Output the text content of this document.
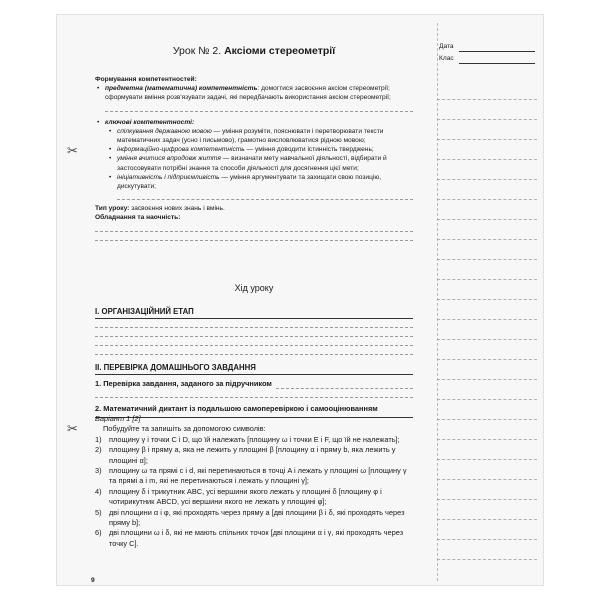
✂
✂
Дата
Клас
Урок № 2. Аксіоми стереометрії
Формування компетентностей:
• предметна (математична) компетентність: домогтися засвоєння аксіом стереометрії; сформувати вміння розв'язувати задачі, які передбачають використання аксіом стереометрії;
• ключові компетентності:
• спілкування державною мовою — уміння розуміти, пояснювати і перетворювати тексти математичних задач (усно і письмово), грамотно висловлюватися рідною мовою;
• інформаційно-цифрова компетентність — уміння доводити істинність тверджень;
• уміння вчитися впродовж життя — визначати мету навчальної діяльності, відбирати й застосовувати потрібні знання та способи діяльності для досягнення цієї мети;
• ініціативність і підприємливість — уміння аргументувати та захищати свою позицію, дискутувати;
Тип уроку: засвоєння нових знань і вмінь.
Обладнання та наочність:
Хід уроку
I. ОРГАНІЗАЦІЙНИЙ ЕТАП
II. ПЕРЕВІРКА ДОМАШНЬОГО ЗАВДАННЯ
1. Перевірка завдання, заданого за підручником
2. Математичний диктант із подальшою самоперевіркою і самооцінюванням
Варіант 1 [2]
Побудуйте та запишіть за допомогою символів:
1) площину γ і точки C і D, що їй належать [площину ω і точки E і F, що їй не належать];
2) площину β і пряму a, яка не лежить у площині β [площину α і пряму b, яка лежить у площині α];
3) площину ω та прямі c і d, які перетинаються в точці A і лежать у площині ω [площину γ та прямі a і m, які не перетинаються і лежать у площині γ];
4) площину δ і трикутник ABC, усі вершини якого лежать у площині δ [площину φ і чотирикутник ABCD, усі вершини якого не лежать у площині φ];
5) дві площини α і φ, які проходять через пряму a [дві площини β і δ, які проходять через пряму b];
6) дві площини ω і δ, які не мають спільних точок [дві площини α і γ, які проходять через точку C].
9
